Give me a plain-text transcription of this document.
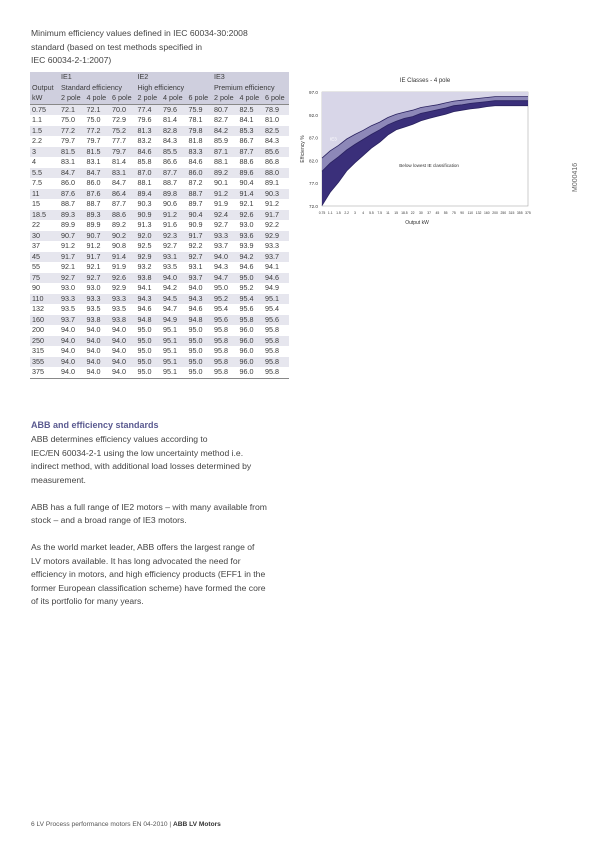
Minimum efficiency values defined in IEC 60034-30:2008
standard (based on test methods specified in
IEC 60034-2-1:2007)
	IE1			IE2			IE3		
Output	Standard efficiency			High efficiency			Premium efficiency		
kW	2 pole	4 pole	6 pole	2 pole	4 pole	6 pole	2 pole	4 pole	6 pole
0.75	72.1	72.1	70.0	77.4	79.6	75.9	80.7	82.5	78.9
1.1	75.0	75.0	72.9	79.6	81.4	78.1	82.7	84.1	81.0
1.5	77.2	77.2	75.2	81.3	82.8	79.8	84.2	85.3	82.5
2.2	79.7	79.7	77.7	83.2	84.3	81.8	85.9	86.7	84.3
3	81.5	81.5	79.7	84.6	85.5	83.3	87.1	87.7	85.6
4	83.1	83.1	81.4	85.8	86.6	84.6	88.1	88.6	86.8
5.5	84.7	84.7	83.1	87.0	87.7	86.0	89.2	89.6	88.0
7.5	86.0	86.0	84.7	88.1	88.7	87.2	90.1	90.4	89.1
11	87.6	87.6	86.4	89.4	89.8	88.7	91.2	91.4	90.3
15	88.7	88.7	87.7	90.3	90.6	89.7	91.9	92.1	91.2
18.5	89.3	89.3	88.6	90.9	91.2	90.4	92.4	92.6	91.7
22	89.9	89.9	89.2	91.3	91.6	90.9	92.7	93.0	92.2
30	90.7	90.7	90.2	92.0	92.3	91.7	93.3	93.6	92.9
37	91.2	91.2	90.8	92.5	92.7	92.2	93.7	93.9	93.3
45	91.7	91.7	91.4	92.9	93.1	92.7	94.0	94.2	93.7
55	92.1	92.1	91.9	93.2	93.5	93.1	94.3	94.6	94.1
75	92.7	92.7	92.6	93.8	94.0	93.7	94.7	95.0	94.6
90	93.0	93.0	92.9	94.1	94.2	94.0	95.0	95.2	94.9
110	93.3	93.3	93.3	94.3	94.5	94.3	95.2	95.4	95.1
132	93.5	93.5	93.5	94.6	94.7	94.6	95.4	95.6	95.4
160	93.7	93.8	93.8	94.8	94.9	94.8	95.6	95.8	95.6
200	94.0	94.0	94.0	95.0	95.1	95.0	95.8	96.0	95.8
250	94.0	94.0	94.0	95.0	95.1	95.0	95.8	96.0	95.8
315	94.0	94.0	94.0	95.0	95.1	95.0	95.8	96.0	95.8
355	94.0	94.0	94.0	95.0	95.1	95.0	95.8	96.0	95.8
375	94.0	94.0	94.0	95.0	95.1	95.0	95.8	96.0	95.8
IE Classes - 4 pole
97.0
92.0
87.0
82.0
77.0
72.0
0.75 1.1 1.5 2.2 3 4 5.5 7.5 11 15 18.5 22 30 37 45 55 75 90 110 132 160 200 250 315 355 375
Output kW
Efficiency %	IE3
Below lowest IE classification	M000416
ABB and efficiency standards
ABB determines efficiency values according to
IEC/EN 60034-2-1 using the low uncertainty method i.e.
indirect method, with additional load losses determined by
measurement.
ABB has a full range of IE2 motors – with many available from
stock – and a broad range of IE3 motors.
As the world market leader, ABB offers the largest range of
LV motors available. It has long advocated the need for
efficiency in motors, and high efficiency products (EFF1 in the
former European classification scheme) have formed the core
of its portfolio for many years.
6 LV Process performance motors EN 04-2010 | ABB LV Motors
